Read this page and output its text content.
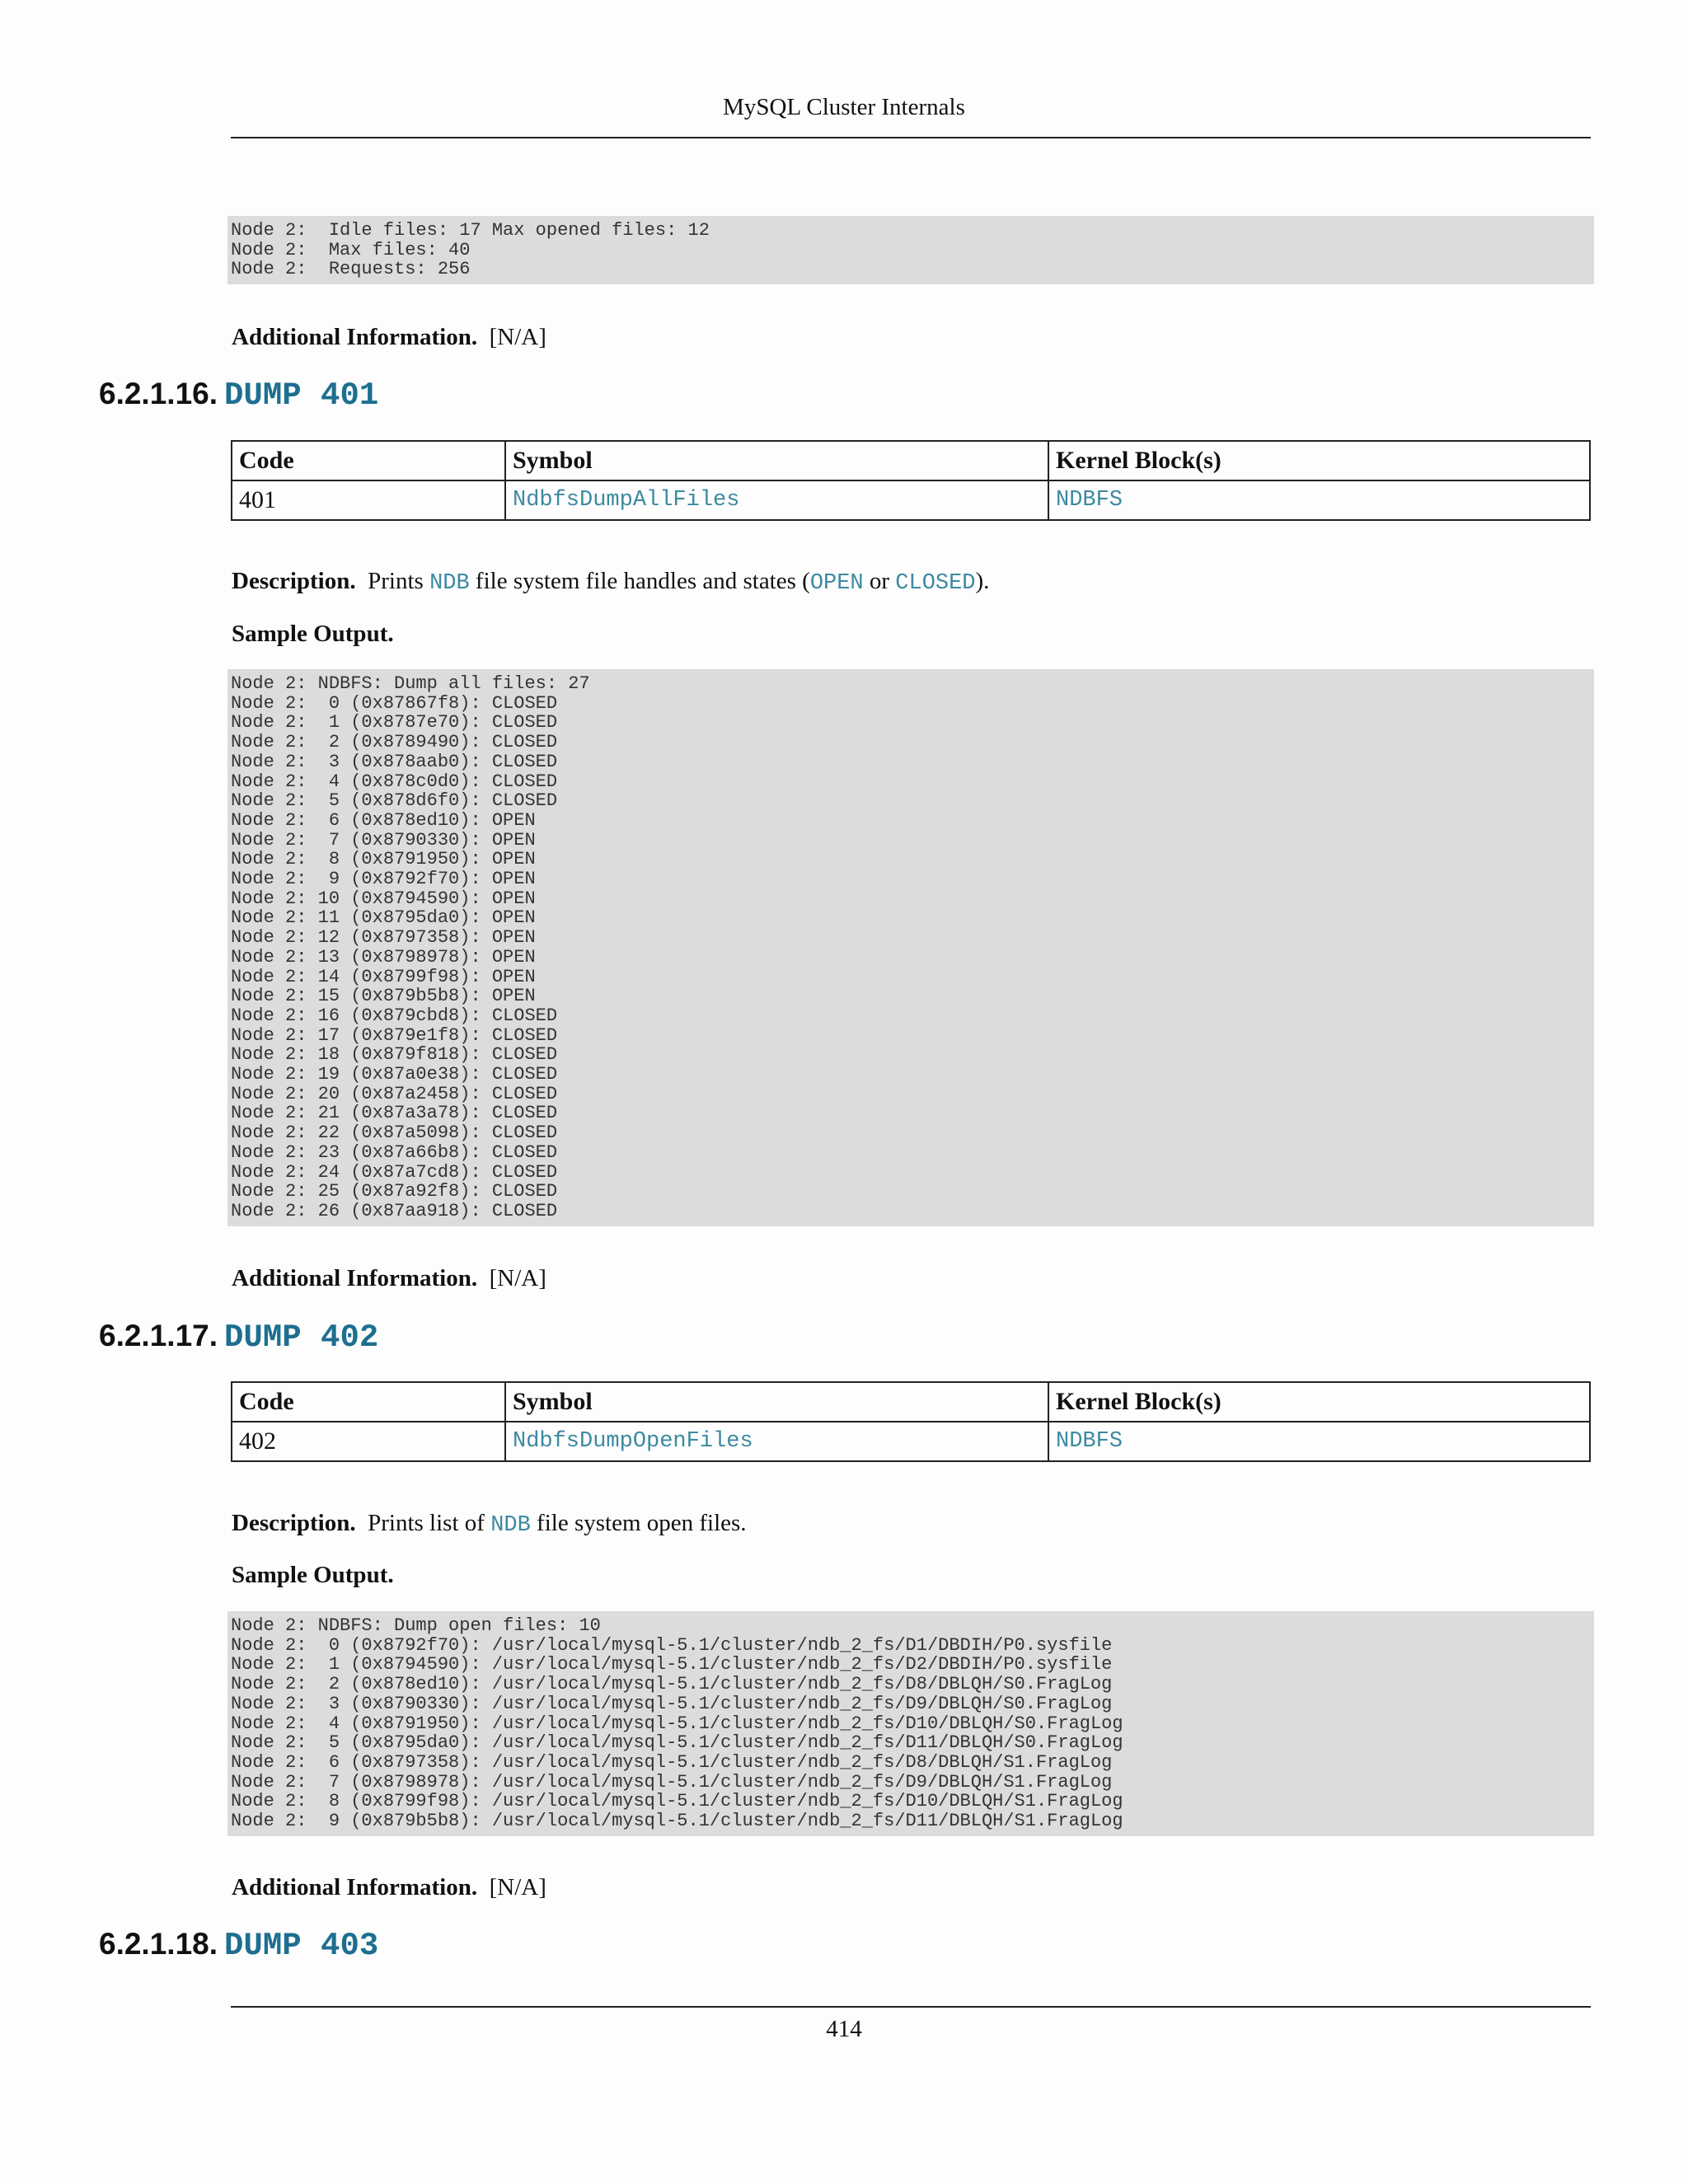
MySQL Cluster Internals
Node 2:  Idle files: 17 Max opened files: 12
Node 2:  Max files: 40
Node 2:  Requests: 256
Additional Information. [N/A]
6.2.1.16. DUMP 401
Code	Symbol	Kernel Block(s)
401	NdbfsDumpAllFiles	NDBFS
Description. Prints NDB file system file handles and states (OPEN or CLOSED).
Sample Output.
Node 2: NDBFS: Dump all files: 27
Node 2:  0 (0x87867f8): CLOSED
Node 2:  1 (0x8787e70): CLOSED
Node 2:  2 (0x8789490): CLOSED
Node 2:  3 (0x878aab0): CLOSED
Node 2:  4 (0x878c0d0): CLOSED
Node 2:  5 (0x878d6f0): CLOSED
Node 2:  6 (0x878ed10): OPEN
Node 2:  7 (0x8790330): OPEN
Node 2:  8 (0x8791950): OPEN
Node 2:  9 (0x8792f70): OPEN
Node 2: 10 (0x8794590): OPEN
Node 2: 11 (0x8795da0): OPEN
Node 2: 12 (0x8797358): OPEN
Node 2: 13 (0x8798978): OPEN
Node 2: 14 (0x8799f98): OPEN
Node 2: 15 (0x879b5b8): OPEN
Node 2: 16 (0x879cbd8): CLOSED
Node 2: 17 (0x879e1f8): CLOSED
Node 2: 18 (0x879f818): CLOSED
Node 2: 19 (0x87a0e38): CLOSED
Node 2: 20 (0x87a2458): CLOSED
Node 2: 21 (0x87a3a78): CLOSED
Node 2: 22 (0x87a5098): CLOSED
Node 2: 23 (0x87a66b8): CLOSED
Node 2: 24 (0x87a7cd8): CLOSED
Node 2: 25 (0x87a92f8): CLOSED
Node 2: 26 (0x87aa918): CLOSED
Additional Information. [N/A]
6.2.1.17. DUMP 402
Code	Symbol	Kernel Block(s)
402	NdbfsDumpOpenFiles	NDBFS
Description. Prints list of NDB file system open files.
Sample Output.
Node 2: NDBFS: Dump open files: 10
Node 2:  0 (0x8792f70): /usr/local/mysql-5.1/cluster/ndb_2_fs/D1/DBDIH/P0.sysfile
Node 2:  1 (0x8794590): /usr/local/mysql-5.1/cluster/ndb_2_fs/D2/DBDIH/P0.sysfile
Node 2:  2 (0x878ed10): /usr/local/mysql-5.1/cluster/ndb_2_fs/D8/DBLQH/S0.FragLog
Node 2:  3 (0x8790330): /usr/local/mysql-5.1/cluster/ndb_2_fs/D9/DBLQH/S0.FragLog
Node 2:  4 (0x8791950): /usr/local/mysql-5.1/cluster/ndb_2_fs/D10/DBLQH/S0.FragLog
Node 2:  5 (0x8795da0): /usr/local/mysql-5.1/cluster/ndb_2_fs/D11/DBLQH/S0.FragLog
Node 2:  6 (0x8797358): /usr/local/mysql-5.1/cluster/ndb_2_fs/D8/DBLQH/S1.FragLog
Node 2:  7 (0x8798978): /usr/local/mysql-5.1/cluster/ndb_2_fs/D9/DBLQH/S1.FragLog
Node 2:  8 (0x8799f98): /usr/local/mysql-5.1/cluster/ndb_2_fs/D10/DBLQH/S1.FragLog
Node 2:  9 (0x879b5b8): /usr/local/mysql-5.1/cluster/ndb_2_fs/D11/DBLQH/S1.FragLog
Additional Information. [N/A]
6.2.1.18. DUMP 403
414
